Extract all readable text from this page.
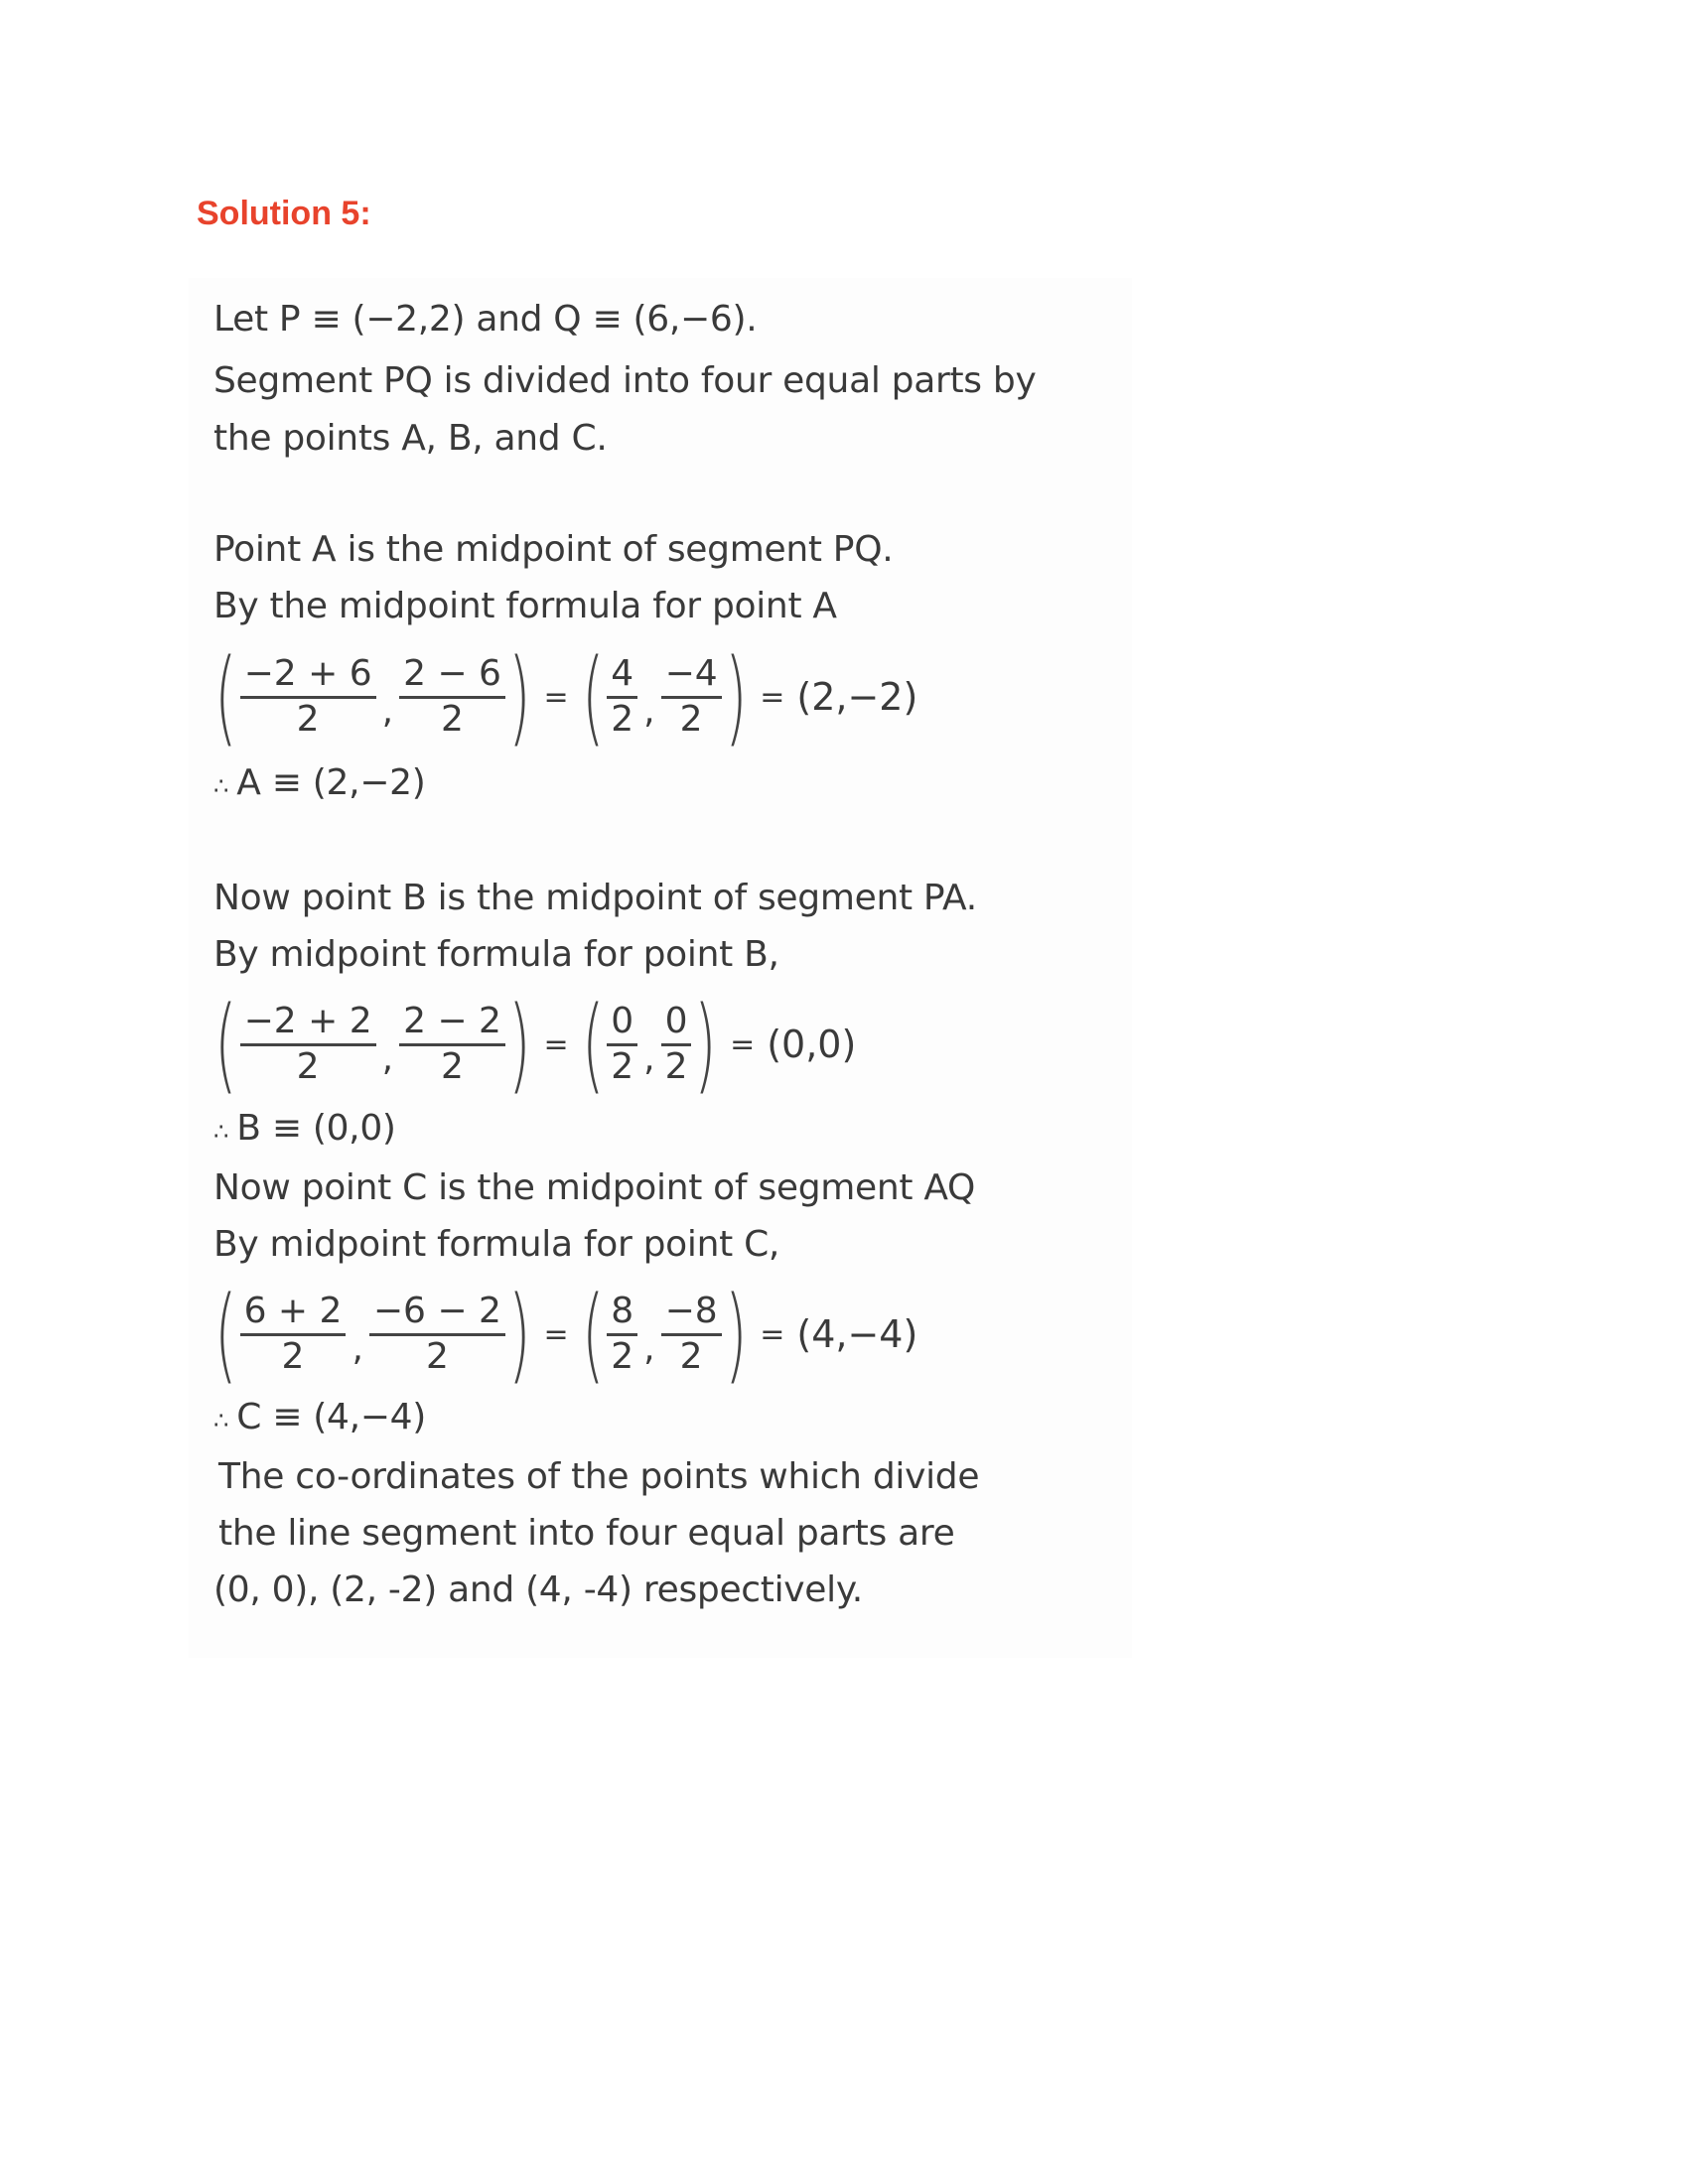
Solution 5:
Let P ≡ (−2,2) and Q ≡ (6,−6).
Segment PQ is divided into four equal parts by
the points A, B, and C.
Point A is the midpoint of segment PQ.
By the midpoint formula for point A
( $\frac{-2 + 6}{2}$ , $\frac{2 - 6}{2}$ ) = ( $\frac{4}{2}$ , $\frac{-4}{2}$ ) = (2,−2)
∴ A ≡ (2,−2)
Now point B is the midpoint of segment PA.
By midpoint formula for point B,
( $\frac{-2 + 2}{2}$ , $\frac{2 - 2}{2}$ ) = ( $\frac{0}{2}$ , $\frac{0}{2}$ ) = (0,0)
∴ B ≡ (0,0)
Now point C is the midpoint of segment AQ
By midpoint formula for point C,
( $\frac{6 + 2}{2}$ , $\frac{-6 - 2}{2}$ ) = ( $\frac{8}{2}$ , $\frac{-8}{2}$ ) = (4,−4)
∴ C ≡ (4,−4)
The co-ordinates of the points which divide
the line segment into four equal parts are
(0, 0), (2, -2) and (4, -4) respectively.
